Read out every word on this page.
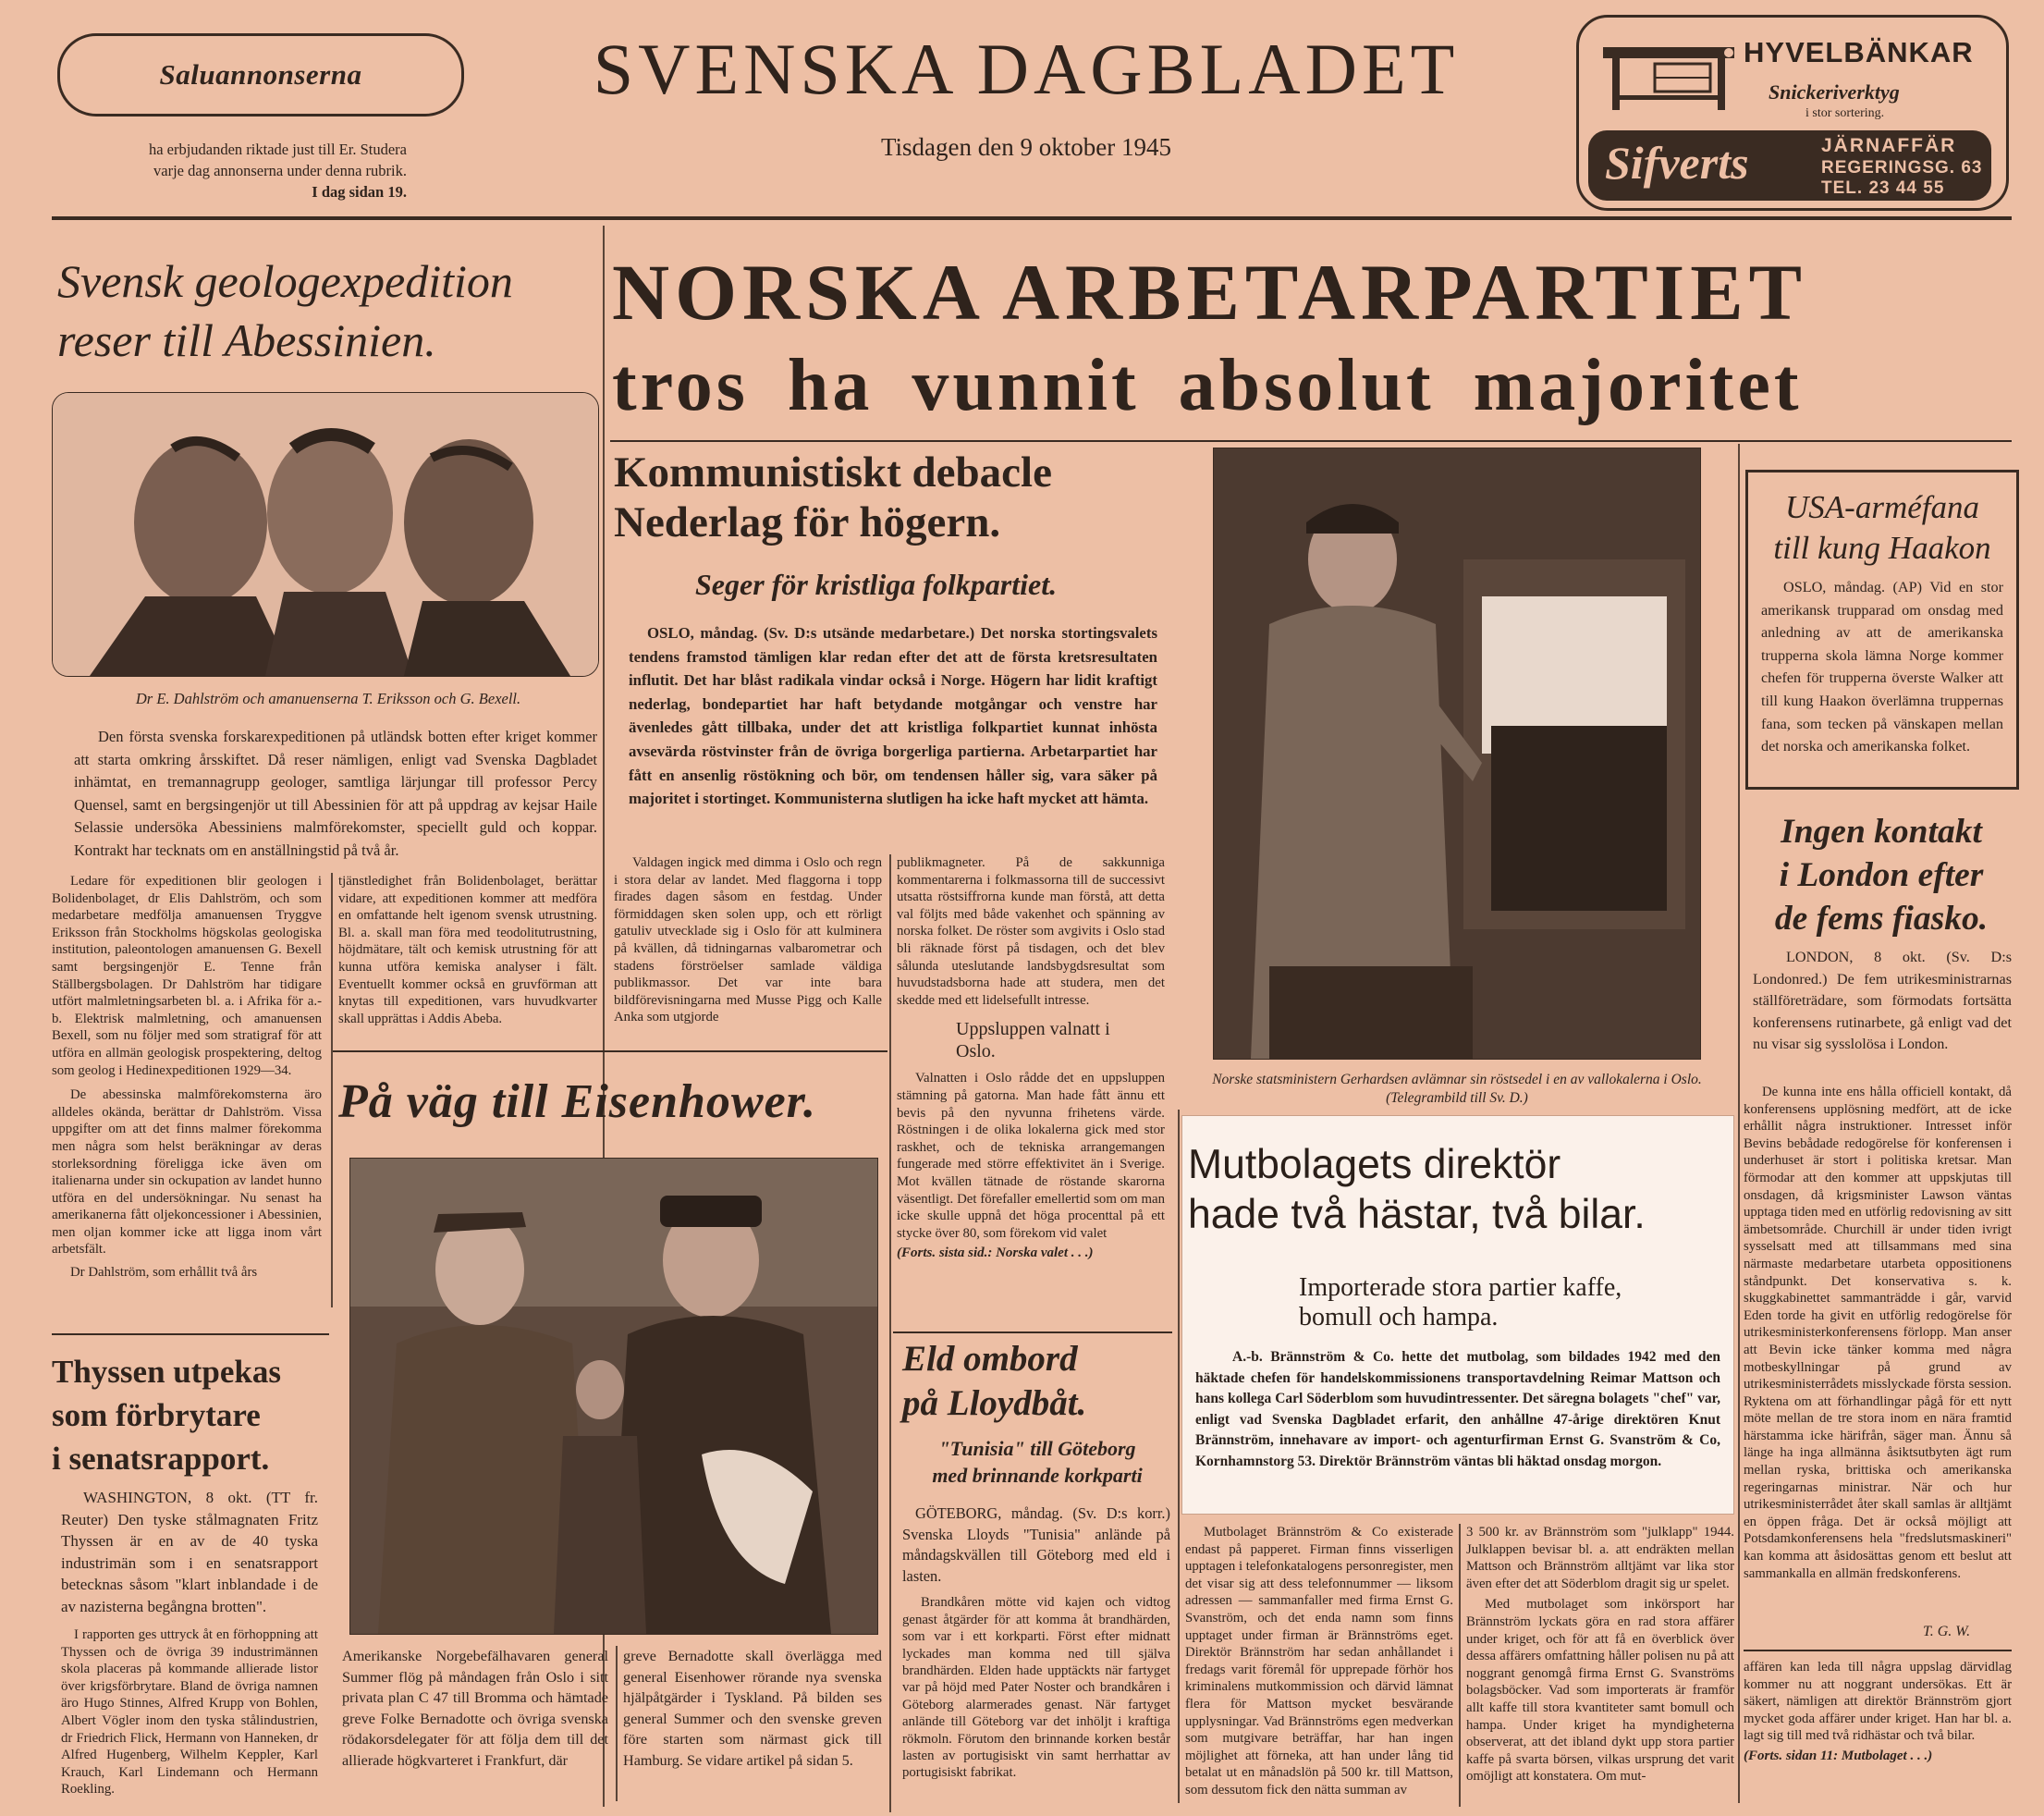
Saluannonserna
ha erbjudanden riktade just till Er. Studera
varje dag annonserna under denna rubrik.
I dag sidan 19.
SVENSKA DAGBLADET
Tisdagen den 9 oktober 1945
HYVELBÄNKAR
Snickeriverktyg
i stor sortering.
Sifverts	JÄRNAFFÄR
REGERINGSG. 63
TEL. 23 44 55
Svensk geologexpedition
reser till Abessinien.
Dr E. Dahlström och amanuenserna T. Eriksson och G. Bexell.

Den första svenska forskarexpeditionen på utländsk botten efter kriget kommer att starta omkring årsskiftet. Då reser nämligen, enligt vad Svenska Dagbladet inhämtat, en tremannagrupp geologer, samtliga lärjungar till professor Percy Quensel, samt en bergsingenjör ut till Abessinien för att på uppdrag av kejsar Haile Selassie undersöka Abessiniens malmförekomster, speciellt guld och koppar. Kontrakt har tecknats om en anställningstid på två år.

Ledare för expeditionen blir geologen i Bolidenbolaget, dr Elis Dahlström, och som medarbetare medfölja amanuensen Tryggve Eriksson från Stockholms högskolas geologiska institution, paleontologen amanuensen G. Bexell samt bergsingenjör E. Tenne från Ställbergsbolagen. Dr Dahlström har tidigare utfört malmletningsarbeten bl. a. i Afrika för a.-b. Elektrisk malmletning, och amanuensen Bexell, som nu följer med som stratigraf för att utföra en allmän geologisk prospektering, deltog som geolog i Hedinexpeditionen 1929—34.

De abessinska malmförekomsterna äro alldeles okända, berättar dr Dahlström. Vissa uppgifter om att det finns malmer förekomma men några som helst beräkningar av deras storleksordning föreligga icke även om italienarna under sin ockupation av landet hunno utföra en del undersökningar. Nu senast ha amerikanerna fått oljekoncessioner i Abessinien, men oljan kommer icke att ligga inom vårt arbetsfält.

Dr Dahlström, som erhållit två års

tjänstledighet från Bolidenbolaget, berättar vidare, att expeditionen kommer att medföra en omfattande helt igenom svensk utrustning. Bl. a. skall man föra med teodolitutrustning, höjdmätare, tält och kemisk utrustning för att kunna utföra kemiska analyser i fält. Eventuellt kommer också en gruvförman att knytas till expeditionen, vars huvudkvarter skall upprättas i Addis Abeba.

Thyssen utpekas
som förbrytare
i senatsrapport.

WASHINGTON, 8 okt. (TT fr. Reuter) Den tyske stålmagnaten Fritz Thyssen är en av de 40 tyska industrimän som i en senatsrapport betecknas såsom "klart inblandade i de av nazisterna begångna brotten".

I rapporten ges uttryck åt en förhoppning att Thyssen och de övriga 39 industrimännen skola placeras på kommande allierade listor över krigsförbrytare. Bland de övriga namnen äro Hugo Stinnes, Alfred Krupp von Bohlen, Albert Vögler inom den tyska stålindustrien, dr Friedrich Flick, Hermann von Hanneken, dr Alfred Hugenberg, Wilhelm Keppler, Karl Krauch, Karl Lindemann och Hermann Roekling.

NORSKA ARBETARPARTIET
tros ha vunnit absolut majoritet
Kommunistiskt debacle
Nederlag för högern.
Seger för kristliga folkpartiet.

OSLO, måndag. (Sv. D:s utsände medarbetare.) Det norska stortingsvalets tendens framstod tämligen klar redan efter det att de första kretsresultaten influtit. Det har blåst radikala vindar också i Norge. Högern har lidit kraftigt nederlag, bondepartiet har haft betydande motgångar och venstre har ävenledes gått tillbaka, under det att kristliga folkpartiet kunnat inhösta avsevärda röstvinster från de övriga borgerliga partierna. Arbetarpartiet har fått en ansenlig röstökning och bör, om tendensen håller sig, vara säker på majoritet i stortinget. Kommunisterna slutligen ha icke haft mycket att hämta.

Valdagen ingick med dimma i Oslo och regn i stora delar av landet. Med flaggorna i topp firades dagen såsom en festdag. Under förmiddagen sken solen upp, och ett rörligt gatuliv utvecklade sig i Oslo för att kulminera på kvällen, då tidningarnas valbarometrar och stadens förströelser samlade väldiga publikmassor. Det var inte bara bildförevisningarna med Musse Pigg och Kalle Anka som utgjorde

publikmagneter. På de sakkunniga kommentarerna i folkmassorna till de successivt utsatta röstsiffrorna kunde man förstå, att detta val följts med både vakenhet och spänning av norska folket. De röster som avgivits i Oslo stad bli räknade först på tisdagen, och det blev sålunda uteslutande landsbygdsresultat som huvudstadsborna hade att studera, men det skedde med ett lidelsefullt intresse.

Uppsluppen valnatt i Oslo.

Valnatten i Oslo rådde det en uppsluppen stämning på gatorna. Man hade fått ännu ett bevis på den nyvunna frihetens värde. Röstningen i de olika lokalerna gick med stor raskhet, och de tekniska arrangemangen fungerade med större effektivitet än i Sverige. Mot kvällen tätnade de röstande skarorna väsentligt. Det förefaller emellertid som om man icke skulle uppnå det höga procenttal på ett stycke över 80, som förekom vid valet

(Forts. sista sid.: Norska valet . . .)
Norske statsministern Gerhardsen avlämnar sin röstsedel i en av vallokalerna i Oslo.
(Telegrambild till Sv. D.)
På väg till Eisenhower.

Amerikanske Norgebefälhavaren general Summer flög på måndagen från Oslo i sitt privata plan C 47 till Bromma och hämtade greve Folke Bernadotte och övriga svenska rödakorsdelegater för att följa dem till det allierade högkvarteret i Frankfurt, där

greve Bernadotte skall överlägga med general Eisenhower rörande nya svenska hjälpåtgärder i Tyskland. På bilden ses general Summer och den svenske greven före starten som närmast gick till Hamburg. Se vidare artikel på sidan 5.

Eld ombord
på Lloydbåt.
"Tunisia" till Göteborg
med brinnande korkparti

GÖTEBORG, måndag. (Sv. D:s korr.) Svenska Lloyds "Tunisia" anlände på måndagskvällen till Göteborg med eld i lasten.

Brandkåren mötte vid kajen och vidtog genast åtgärder för att komma åt brandhärden, som var i ett korkparti. Först efter midnatt lyckades man komma ned till själva brandhärden. Elden hade upptäckts när fartyget var på höjd med Pater Noster och brandkåren i Göteborg alarmerades genast. När fartyget anlände till Göteborg var det inhöljt i kraftiga rökmoln. Förutom den brinnande korken består lasten av portugisiskt vin samt herrhattar av portugisiskt fabrikat.

Mutbolagets direktör
hade två hästar, två bilar.
Importerade stora partier kaffe,
bomull och hampa.

A.-b. Brännström & Co. hette det mutbolag, som bildades 1942 med den häktade chefen för handelskommissionens transportavdelning Reimar Mattson och hans kollega Carl Söderblom som huvudintressenter. Det säregna bolagets "chef" var, enligt vad Svenska Dagbladet erfarit, den anhållne 47-årige direktören Knut Brännström, innehavare av import- och agenturfirman Ernst G. Svanström & Co, Kornhamnstorg 53. Direktör Brännström väntas bli häktad onsdag morgon.

Mutbolaget Brännström & Co existerade endast på papperet. Firman finns visserligen upptagen i telefonkatalogens personregister, men det visar sig att dess telefonnummer — liksom adressen — sammanfaller med firma Ernst G. Svanström, och det enda namn som finns upptaget under firman är Brännströms eget. Direktör Brännström har sedan anhållandet i fredags varit föremål för upprepade förhör hos kriminalens mutkommission och därvid lämnat flera för Mattson mycket besvärande upplysningar. Vad Brännströms egen medverkan som mutgivare beträffar, har han ingen möjlighet att förneka, att han under lång tid betalat ut en månadslön på 500 kr. till Mattson, som dessutom fick den nätta summan av

3 500 kr. av Brännström som "julklapp" 1944. Julklappen bevisar bl. a. att endräkten mellan Mattson och Brännström alltjämt var lika stor även efter det att Söderblom dragit sig ur spelet.

Med mutbolaget som inkörsport har Brännström lyckats göra en rad stora affärer under kriget, och för att få en överblick över dessa affärers omfattning håller polisen nu på att noggrant genomgå firma Ernst G. Svanströms bolagsböcker. Vad som importerats är framför allt kaffe till stora kvantiteter samt bomull och hampa. Under kriget ha myndigheterna observerat, att det ibland dykt upp stora partier kaffe på svarta börsen, vilkas ursprung det varit omöjligt att konstatera. Om mut-

USA-arméfana
till kung Haakon

OSLO, måndag. (AP) Vid en stor amerikansk trupparad om onsdag med anledning av att de amerikanska trupperna skola lämna Norge kommer chefen för trupperna överste Walker att till kung Haakon överlämna truppernas fana, som tecken på vänskapen mellan det norska och amerikanska folket.

Ingen kontakt
i London efter
de fems fiasko.

LONDON, 8 okt. (Sv. D:s Londonred.) De fem utrikesministrarnas ställföreträdare, som förmodats fortsätta konferensens rutinarbete, gå enligt vad det nu visar sig sysslolösa i London.

De kunna inte ens hålla officiell kontakt, då konferensens upplösning medfört, att de icke erhållit några instruktioner. Intresset inför Bevins bebådade redogörelse för konferensen i underhuset är stort i politiska kretsar. Man förmodar att den kommer att uppskjutas till onsdagen, då krigsminister Lawson väntas upptaga tiden med en utförlig redovisning av sitt ämbetsområde. Churchill är under tiden ivrigt sysselsatt med att tillsammans med sina närmaste medarbetare utarbeta oppositionens ståndpunkt. Det konservativa s. k. skuggkabinettet sammanträdde i går, varvid Eden torde ha givit en utförlig redogörelse för utrikesministerkonferensens förlopp. Man anser att Bevin icke tänker komma med några motbeskyllningar på grund av utrikesministerrådets misslyckade första session. Ryktena om att förhandlingar pågå för ett nytt möte mellan de tre stora inom en nära framtid härstamma icke härifrån, säger man. Ännu så länge ha inga allmänna åsiktsutbyten ägt rum mellan ryska, brittiska och amerikanska regeringarnas ministrar. När och hur utrikesministerrådet åter skall samlas är alltjämt en öppen fråga. Det är också möjligt att Potsdamkonferensens hela "fredslutsmaskineri" kan komma att åsidosättas genom ett beslut att sammankalla en allmän fredskonferens.

T. G. W.

affären kan leda till några uppslag därvidlag kommer nu att noggrant undersökas. Ett är säkert, nämligen att direktör Brännström gjort mycket goda affärer under kriget. Han har bl. a. lagt sig till med två ridhästar och två bilar.

(Forts. sidan 11: Mutbolaget . . .)
